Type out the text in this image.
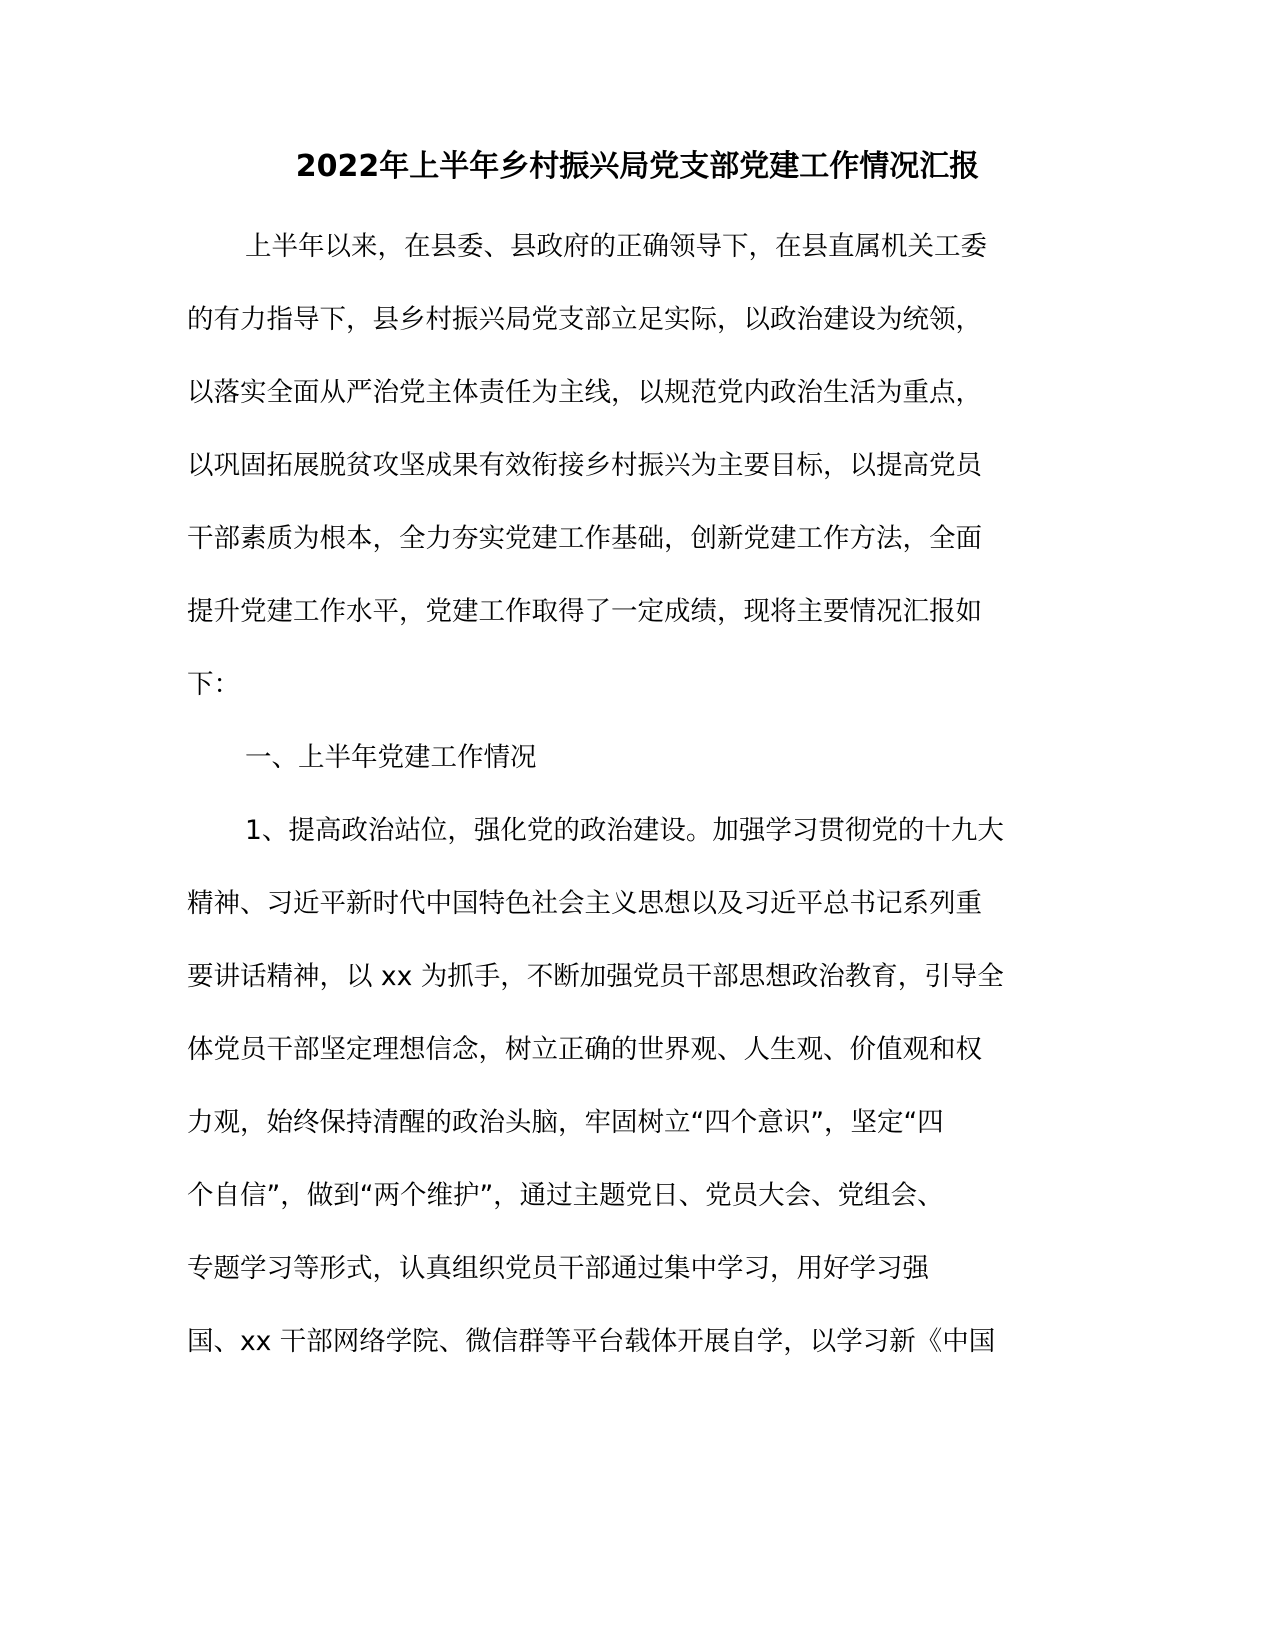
2022年上半年乡村振兴局党支部党建工作情况汇报
上半年以来，在县委、县政府的正确领导下，在县直属机关工委
的有力指导下，县乡村振兴局党支部立足实际，以政治建设为统领，
以落实全面从严治党主体责任为主线，以规范党内政治生活为重点，
以巩固拓展脱贫攻坚成果有效衔接乡村振兴为主要目标，以提高党员
干部素质为根本，全力夯实党建工作基础，创新党建工作方法，全面
提升党建工作水平，党建工作取得了一定成绩，现将主要情况汇报如
下：
一、上半年党建工作情况
1、提高政治站位，强化党的政治建设。加强学习贯彻党的十九大
精神、习近平新时代中国特色社会主义思想以及习近平总书记系列重
要讲话精神，以 xx 为抓手，不断加强党员干部思想政治教育，引导全
体党员干部坚定理想信念，树立正确的世界观、人生观、价值观和权
力观，始终保持清醒的政治头脑，牢固树立“四个意识”，坚定“四
个自信”，做到“两个维护”，通过主题党日、党员大会、党组会、
专题学习等形式，认真组织党员干部通过集中学习，用好学习强
国、xx 干部网络学院、微信群等平台载体开展自学，以学习新《中国
